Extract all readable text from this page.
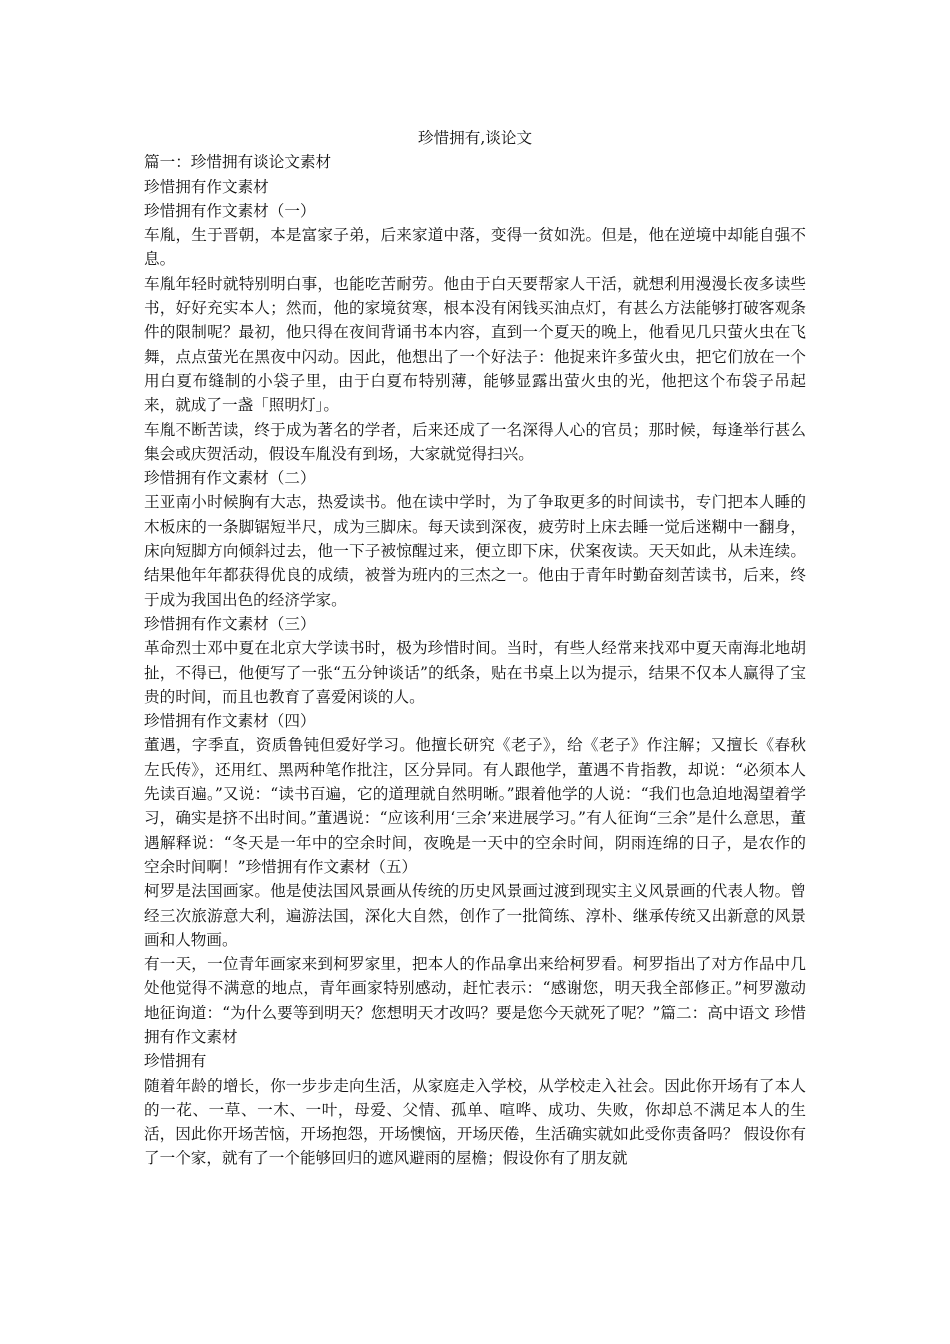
珍惜拥有,谈论文

篇一：珍惜拥有谈论文素材

珍惜拥有作文素材

珍惜拥有作文素材（一）

车胤，生于晋朝，本是富家子弟，后来家道中落，变得一贫如洗。但是，他在逆境中却能自强不息。

车胤年轻时就特别明白事，也能吃苦耐劳。他由于白天要帮家人干活，就想利用漫漫长夜多读些书，好好充实本人；然而，他的家境贫寒，根本没有闲钱买油点灯，有甚么方法能够打破客观条件的限制呢？最初，他只得在夜间背诵书本内容，直到一个夏天的晚上，他看见几只萤火虫在飞舞，点点萤光在黑夜中闪动。因此，他想出了一个好法子：他捉来许多萤火虫，把它们放在一个用白夏布缝制的小袋子里，由于白夏布特别薄，能够显露出萤火虫的光，他把这个布袋子吊起来，就成了一盏「照明灯」。

车胤不断苦读，终于成为著名的学者，后来还成了一名深得人心的官员；那时候，每逢举行甚么集会或庆贺活动，假设车胤没有到场，大家就觉得扫兴。

珍惜拥有作文素材（二）

王亚南小时候胸有大志，热爱读书。他在读中学时，为了争取更多的时间读书，专门把本人睡的木板床的一条脚锯短半尺，成为三脚床。每天读到深夜，疲劳时上床去睡一觉后迷糊中一翻身，床向短脚方向倾斜过去，他一下子被惊醒过来，便立即下床，伏案夜读。天天如此，从未连续。结果他年年都获得优良的成绩，被誉为班内的三杰之一。他由于青年时勤奋刻苦读书，后来，终于成为我国出色的经济学家。

珍惜拥有作文素材（三）

革命烈士邓中夏在北京大学读书时，极为珍惜时间。当时，有些人经常来找邓中夏天南海北地胡扯，不得已，他便写了一张“五分钟谈话”的纸条，贴在书桌上以为提示，结果不仅本人赢得了宝贵的时间，而且也教育了喜爱闲谈的人。

珍惜拥有作文素材（四）

董遇，字季直，资质鲁钝但爱好学习。他擅长研究《老子》，给《老子》作注解；又擅长《春秋左氏传》，还用红、黑两种笔作批注，区分异同。有人跟他学，董遇不肯指教，却说：“必须本人先读百遍。”又说：“读书百遍，它的道理就自然明晰。”跟着他学的人说：“我们也急迫地渴望着学习，确实是挤不出时间。”董遇说：“应该利用‘三余’来进展学习。”有人征询“三余”是什么意思，董遇解释说：“冬天是一年中的空余时间，夜晚是一天中的空余时间，阴雨连绵的日子，是农作的空余时间啊！”珍惜拥有作文素材（五）

柯罗是法国画家。他是使法国风景画从传统的历史风景画过渡到现实主义风景画的代表人物。曾经三次旅游意大利，遍游法国，深化大自然，创作了一批简练、淳朴、继承传统又出新意的风景画和人物画。

有一天，一位青年画家来到柯罗家里，把本人的作品拿出来给柯罗看。柯罗指出了对方作品中几处他觉得不满意的地点，青年画家特别感动，赶忙表示：“感谢您，明天我全部修正。”柯罗激动地征询道：“为什么要等到明天？您想明天才改吗？要是您今天就死了呢？”篇二：高中语文 珍惜拥有作文素材

珍惜拥有

随着年龄的增长，你一步步走向生活，从家庭走入学校，从学校走入社会。因此你开场有了本人的一花、一草、一木、一叶，母爱、父情、孤单、喧哗、成功、失败，你却总不满足本人的生活，因此你开场苦恼，开场抱怨，开场懊恼，开场厌倦，生活确实就如此受你责备吗？ 假设你有了一个家，就有了一个能够回归的遮风避雨的屋檐；假设你有了朋友就
